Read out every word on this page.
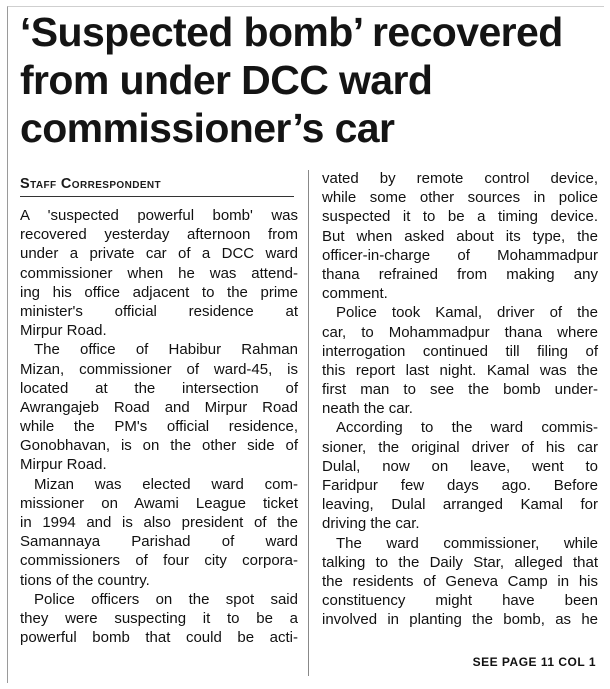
‘Suspected bomb’ recovered
from under DCC ward
commissioner’s car
Staff Correspondent
A 'suspected powerful bomb' was
recovered yesterday afternoon from
under a private car of a DCC ward
commissioner when he was attend-
ing his office adjacent to the prime
minister's official residence at
Mirpur Road.
The office of Habibur Rahman
Mizan, commissioner of ward-45, is
located at the intersection of
Awrangajeb Road and Mirpur Road
while the PM's official residence,
Gonobhavan, is on the other side of
Mirpur Road.
Mizan was elected ward com-
missioner on Awami League ticket
in 1994 and is also president of the
Samannaya Parishad of ward
commissioners of four city corpora-
tions of the country.
Police officers on the spot said
they were suspecting it to be a
powerful bomb that could be acti-
vated by remote control device,
while some other sources in police
suspected it to be a timing device.
But when asked about its type, the
officer-in-charge of Mohammadpur
thana refrained from making any
comment.
Police took Kamal, driver of the
car, to Mohammadpur thana where
interrogation continued till filing of
this report last night. Kamal was the
first man to see the bomb under-
neath the car.
According to the ward commis-
sioner, the original driver of his car
Dulal, now on leave, went to
Faridpur few days ago. Before
leaving, Dulal arranged Kamal for
driving the car.
The ward commissioner, while
talking to the Daily Star, alleged that
the residents of Geneva Camp in his
constituency might have been
involved in planting the bomb, as he
SEE PAGE 11 COL 1
